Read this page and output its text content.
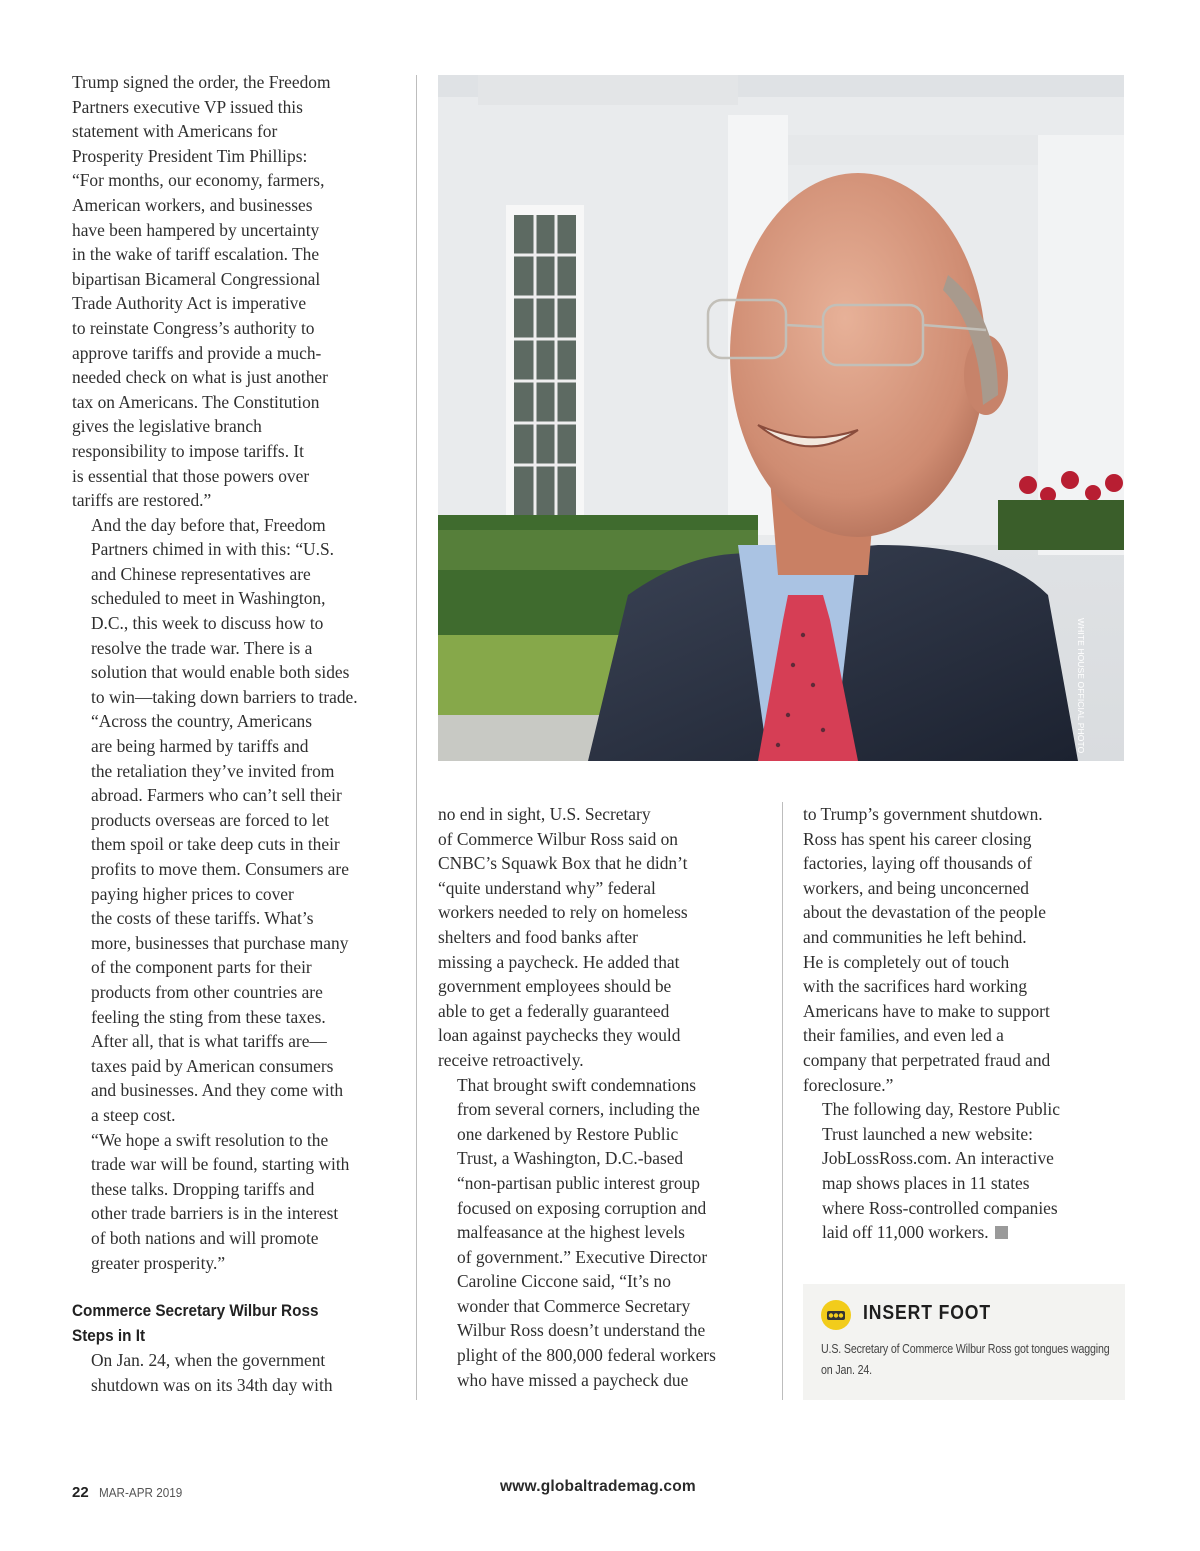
Trump signed the order, the Freedom
Partners executive VP issued this
statement with Americans for
Prosperity President Tim Phillips:
“For months, our economy, farmers,
American workers, and businesses
have been hampered by uncertainty
in the wake of tariff escalation. The
bipartisan Bicameral Congressional
Trade Authority Act is imperative
to reinstate Congress’s authority to
approve tariffs and provide a much-
needed check on what is just another
tax on Americans. The Constitution
gives the legislative branch
responsibility to impose tariffs. It
is essential that those powers over
tariffs are restored.”

And the day before that, Freedom
Partners chimed in with this: “U.S.
and Chinese representatives are
scheduled to meet in Washington,
D.C., this week to discuss how to
resolve the trade war. There is a
solution that would enable both sides
to win—taking down barriers to trade.

“Across the country, Americans
are being harmed by tariffs and
the retaliation they’ve invited from
abroad. Farmers who can’t sell their
products overseas are forced to let
them spoil or take deep cuts in their
profits to move them. Consumers are
paying higher prices to cover
the costs of these tariffs. What’s
more, businesses that purchase many
of the component parts for their
products from other countries are
feeling the sting from these taxes.
After all, that is what tariffs are—
taxes paid by American consumers
and businesses. And they come with
a steep cost.

“We hope a swift resolution to the
trade war will be found, starting with
these talks. Dropping tariffs and
other trade barriers is in the interest
of both nations and will promote
greater prosperity.”

Commerce Secretary Wilbur Ross
Steps in It

On Jan. 24, when the government
shutdown was on its 34th day with

no end in sight, U.S. Secretary
of Commerce Wilbur Ross said on
CNBC’s Squawk Box that he didn’t
“quite understand why” federal
workers needed to rely on homeless
shelters and food banks after
missing a paycheck. He added that
government employees should be
able to get a federally guaranteed
loan against paychecks they would
receive retroactively.

That brought swift condemnations
from several corners, including the
one darkened by Restore Public
Trust, a Washington, D.C.-based
“non-partisan public interest group
focused on exposing corruption and
malfeasance at the highest levels
of government.” Executive Director
Caroline Ciccone said, “It’s no
wonder that Commerce Secretary
Wilbur Ross doesn’t understand the
plight of the 800,000 federal workers
who have missed a paycheck due

to Trump’s government shutdown.
Ross has spent his career closing
factories, laying off thousands of
workers, and being unconcerned
about the devastation of the people
and communities he left behind.
He is completely out of touch
with the sacrifices hard working
Americans have to make to support
their families, and even led a
company that perpetrated fraud and
foreclosure.”

The following day, Restore Public
Trust launched a new website:
JobLossRoss.com. An interactive
map shows places in 11 states
where Ross-controlled companies
laid off 11,000 workers.

WHITE HOUSE OFFICIAL PHOTO
INSERT FOOT
U.S. Secretary of Commerce Wilbur Ross got tongues wagging
on Jan. 24.
22 MAR-APR 2019	www.globaltrademag.com
